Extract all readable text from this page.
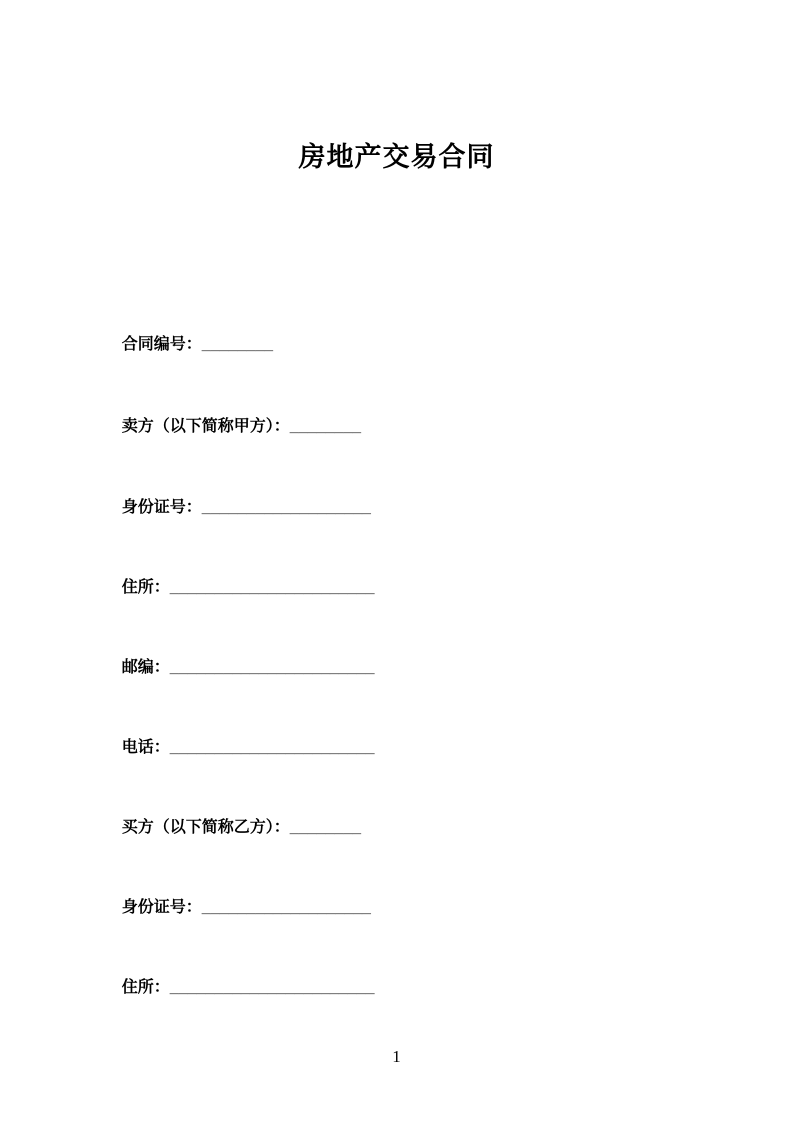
房地产交易合同

合同编号：________

卖方（以下简称甲方）：________

身份证号：___________________

住所：_______________________

邮编：_______________________

电话：_______________________

买方（以下简称乙方）：________

身份证号：___________________

住所：_______________________

1
